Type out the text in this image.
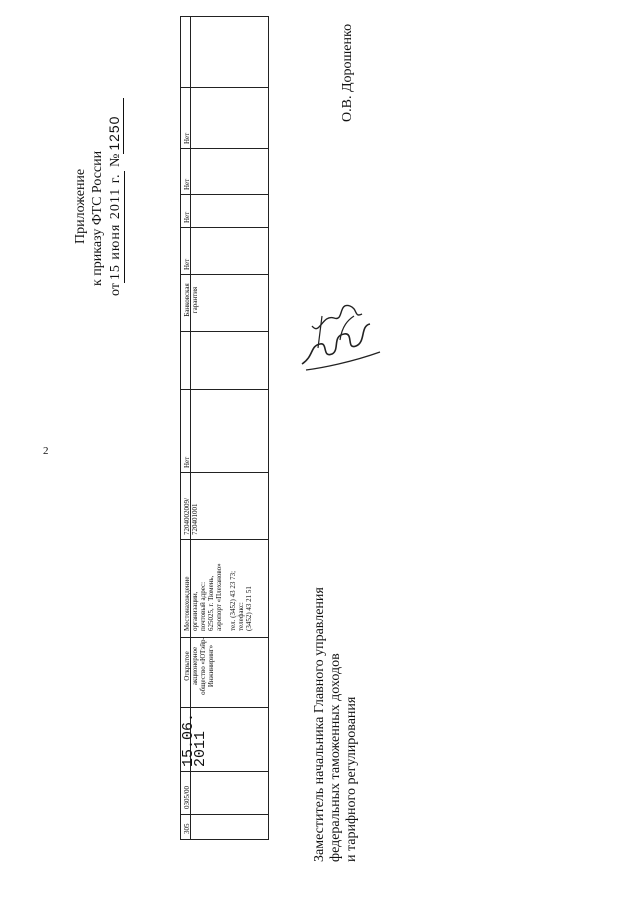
2
Приложение к приказу ФТС России
от15 июня 2011 г. №1250
305
0305/00
15.06.
2011
Открытое акционерное общество «ЮТэйр- Инжиниринг»
Местонахождение организации, почтовый адрес: 625025, г. Тюмень, аэропорт «Плеханово» тел. (3452) 43 23 73; телефакс: (3452) 43 21 51
7204002009/ 720401001
Нет
Банковская гарантия
Нет
Нет
Нет
Нет
Заместитель начальника Главного управления федеральных таможенных доходов и тарифного регулирования
О.В. Дорошенко
